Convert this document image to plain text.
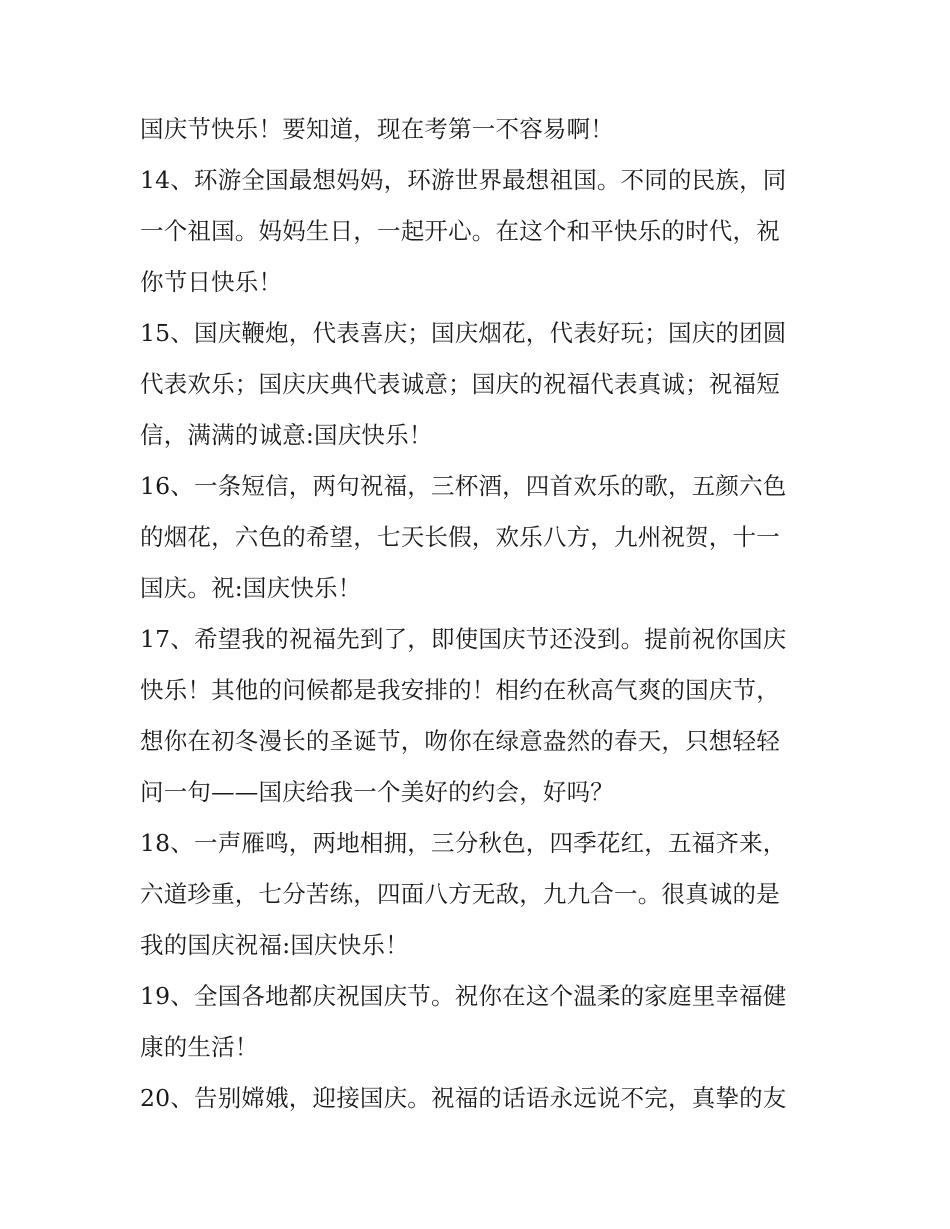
国庆节快乐！要知道，现在考第一不容易啊！
14、环游全国最想妈妈，环游世界最想祖国。不同的民族，同
一个祖国。妈妈生日，一起开心。在这个和平快乐的时代，祝
你节日快乐！
15、国庆鞭炮，代表喜庆；国庆烟花，代表好玩；国庆的团圆
代表欢乐；国庆庆典代表诚意；国庆的祝福代表真诚；祝福短
信，满满的诚意:国庆快乐！
16、一条短信，两句祝福，三杯酒，四首欢乐的歌，五颜六色
的烟花，六色的希望，七天长假，欢乐八方，九州祝贺，十一
国庆。祝:国庆快乐！
17、希望我的祝福先到了，即使国庆节还没到。提前祝你国庆
快乐！其他的问候都是我安排的！相约在秋高气爽的国庆节，
想你在初冬漫长的圣诞节，吻你在绿意盎然的春天，只想轻轻
问一句——国庆给我一个美好的约会，好吗？
18、一声雁鸣，两地相拥，三分秋色，四季花红，五福齐来，
六道珍重，七分苦练，四面八方无敌，九九合一。很真诚的是
我的国庆祝福:国庆快乐！
19、全国各地都庆祝国庆节。祝你在这个温柔的家庭里幸福健
康的生活！
20、告别嫦娥，迎接国庆。祝福的话语永远说不完，真挚的友
